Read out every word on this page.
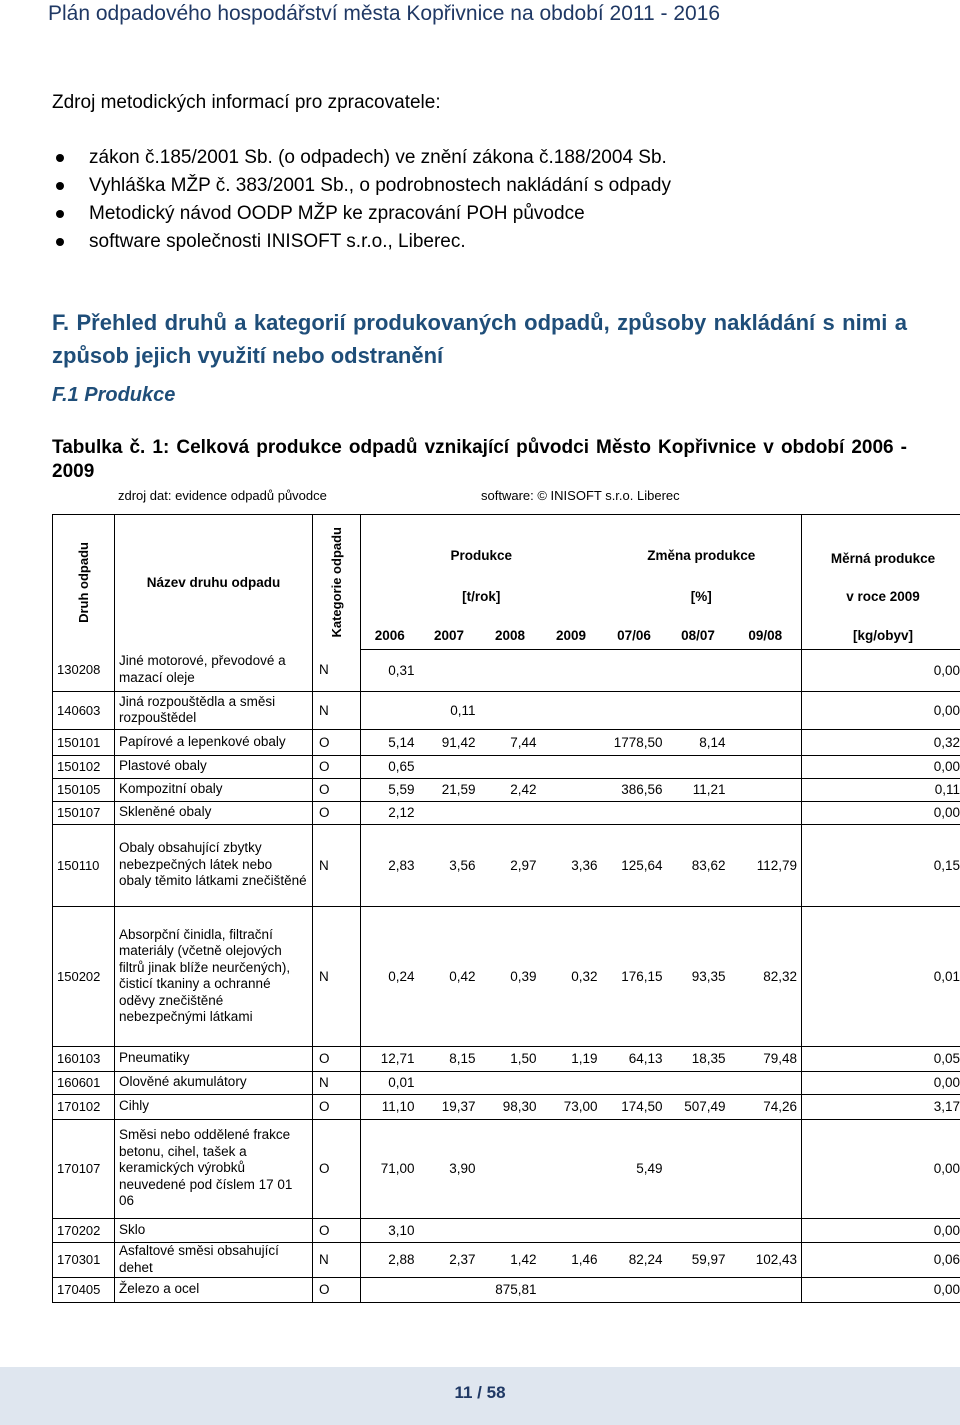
Plán odpadového hospodářství města Kopřivnice na období 2011 - 2016
Zdroj metodických informací pro zpracovatele:
zákon č.185/2001 Sb. (o odpadech) ve znění zákona č.188/2004 Sb.
Vyhláška MŽP č. 383/2001 Sb., o podrobnostech nakládání s odpady
Metodický návod OODP MŽP ke zpracování POH původce
software společnosti INISOFT s.r.o., Liberec.
F. Přehled druhů a kategorií produkovaných odpadů, způsoby nakládání s nimi a způsob jejich využití nebo odstranění
F.1 Produkce
Tabulka č. 1: Celková produkce odpadů vznikající původci Město Kopřivnice v období 2006 - 2009
zdroj dat: evidence odpadů původce	software: © INISOFT s.r.o. Liberec
Druh odpadu	Název druhu odpadu	Kategorie odpadu	Produkce				Změna produkce			Měrná produkce
			[t/rok]				[%]			v roce 2009
			2006	2007	2008	2009	07/06	08/07	09/08	[kg/obyv]
130208	Jiné motorové, převodové a mazací oleje	N	0,31							0,00
140603	Jiná rozpouštědla a směsi rozpouštědel	N		0,11						0,00
150101	Papírové a lepenkové obaly	O	5,14	91,42	7,44		1778,50	8,14		0,32
150102	Plastové obaly	O	0,65							0,00
150105	Kompozitní obaly	O	5,59	21,59	2,42		386,56	11,21		0,11
150107	Skleněné obaly	O	2,12							0,00
150110	Obaly obsahující zbytky nebezpečných látek nebo obaly těmito látkami znečištěné	N	2,83	3,56	2,97	3,36	125,64	83,62	112,79	0,15
150202	Absorpční činidla, filtrační materiály (včetně olejových filtrů jinak blíže neurčených), čisticí tkaniny a ochranné oděvy znečištěné nebezpečnými látkami	N	0,24	0,42	0,39	0,32	176,15	93,35	82,32	0,01
160103	Pneumatiky	O	12,71	8,15	1,50	1,19	64,13	18,35	79,48	0,05
160601	Olověné akumulátory	N	0,01							0,00
170102	Cihly	O	11,10	19,37	98,30	73,00	174,50	507,49	74,26	3,17
170107	Směsi nebo oddělené frakce betonu, cihel, tašek a keramických výrobků neuvedené pod číslem 17 01 06	O	71,00	3,90			5,49			0,00
170202	Sklo	O	3,10							0,00
170301	Asfaltové směsi obsahující dehet	N	2,88	2,37	1,42	1,46	82,24	59,97	102,43	0,06
170405	Železo a ocel	O			875,81					0,00
11 / 58
